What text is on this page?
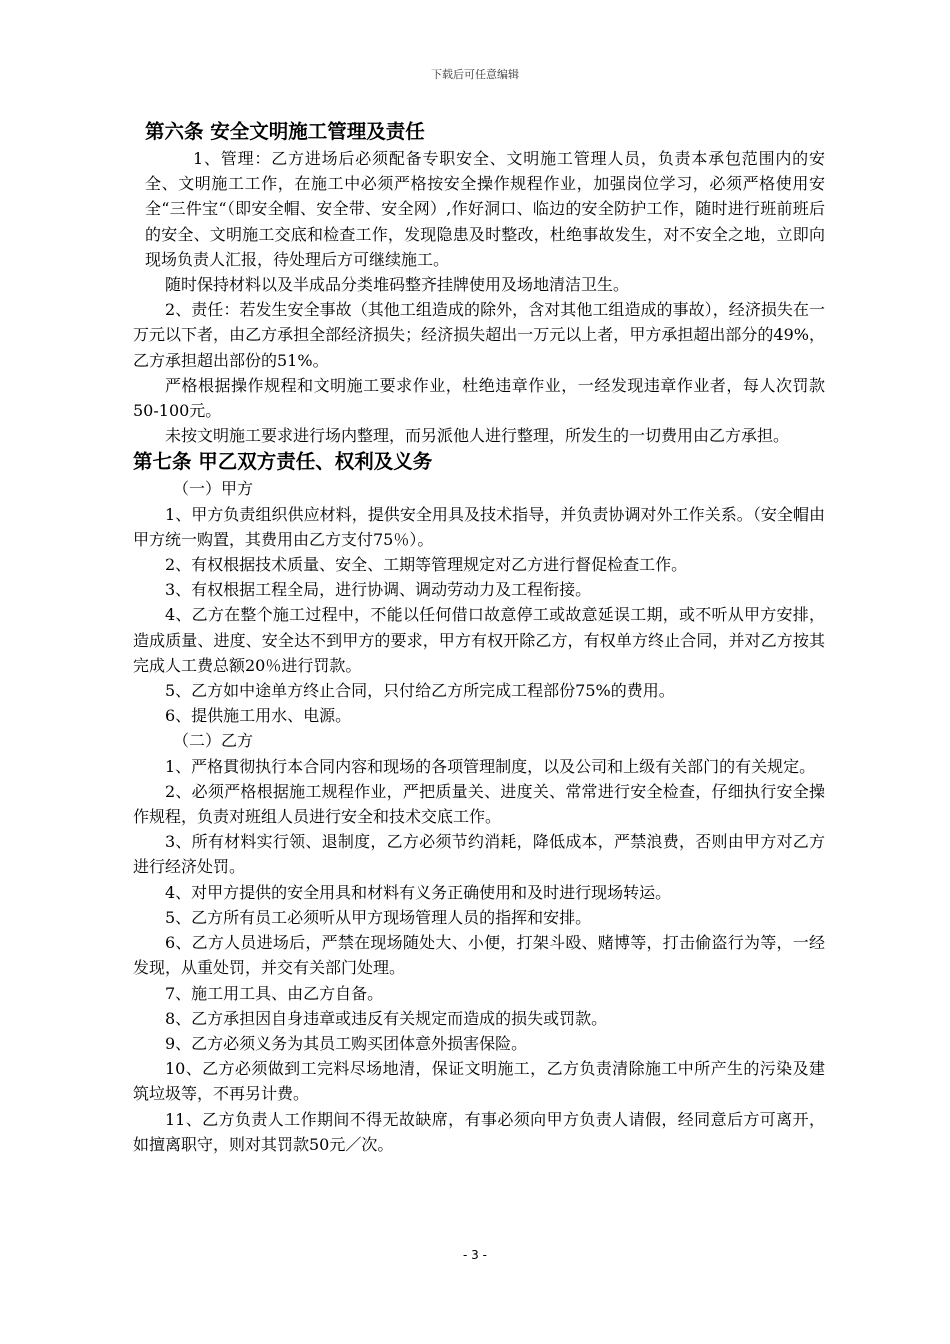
下载后可任意编辑
第六条 安全文明施工管理及责任

1、管理：乙方进场后必须配备专职安全、文明施工管理人员，负责本承包范围内的安全、文明施工工作，在施工中必须严格按安全操作规程作业，加强岗位学习，必须严格使用安全“三件宝“（即安全帽、安全带、安全网）,作好洞口、临边的安全防护工作，随时进行班前班后的安全、文明施工交底和检查工作，发现隐患及时整改，杜绝事故发生，对不安全之地，立即向现场负责人汇报，待处理后方可继续施工。

随时保持材料以及半成品分类堆码整齐挂牌使用及场地清洁卫生。

2、责任：若发生安全事故（其他工组造成的除外，含对其他工组造成的事故），经济损失在一万元以下者，由乙方承担全部经济损失；经济损失超出一万元以上者，甲方承担超出部分的49%，乙方承担超出部份的51%。

严格根据操作规程和文明施工要求作业，杜绝违章作业，一经发现违章作业者，每人次罚款50-100元。

未按文明施工要求进行场内整理，而另派他人进行整理，所发生的一切费用由乙方承担。

第七条 甲乙双方责任、权利及义务
（一）甲方

1、甲方负责组织供应材料，提供安全用具及技术指导，并负责协调对外工作关系。（安全帽由甲方统一购置，其费用由乙方支付75％）。

2、有权根据技术质量、安全、工期等管理规定对乙方进行督促检查工作。

3、有权根据工程全局，进行协调、调动劳动力及工程衔接。

4、乙方在整个施工过程中，不能以任何借口故意停工或故意延误工期，或不听从甲方安排，造成质量、进度、安全达不到甲方的要求，甲方有权开除乙方，有权单方终止合同，并对乙方按其完成人工费总额20％进行罚款。

5、乙方如中途单方终止合同，只付给乙方所完成工程部份75%的费用。

6、提供施工用水、电源。

（二）乙方

1、严格貫彻执行本合同内容和现场的各项管理制度，以及公司和上级有关部门的有关规定。

2、必须严格根据施工规程作业，严把质量关、进度关、常常进行安全检查，仔细执行安全操作规程，负责对班组人员进行安全和技术交底工作。

3、所有材料实行领、退制度，乙方必须节约消耗，降低成本，严禁浪费，否则由甲方对乙方进行经济处罚。

4、对甲方提供的安全用具和材料有义务正确使用和及时进行现场转运。

5、乙方所有员工必须听从甲方现场管理人员的指挥和安排。

6、乙方人员进场后，严禁在现场随处大、小便，打架斗殴、赌博等，打击偷盗行为等，一经发现，从重处罚，并交有关部门处理。

7、施工用工具、由乙方自备。

8、乙方承担因自身违章或违反有关规定而造成的损失或罚款。

9、乙方必须义务为其员工购买团体意外损害保险。

10、乙方必须做到工完料尽场地清，保证文明施工，乙方负责清除施工中所产生的污染及建筑垃圾等，不再另计费。

11、乙方负责人工作期间不得无故缺席，有事必须向甲方负责人请假，经同意后方可离开，如擅离职守，则对其罚款50元／次。

- 3 -
